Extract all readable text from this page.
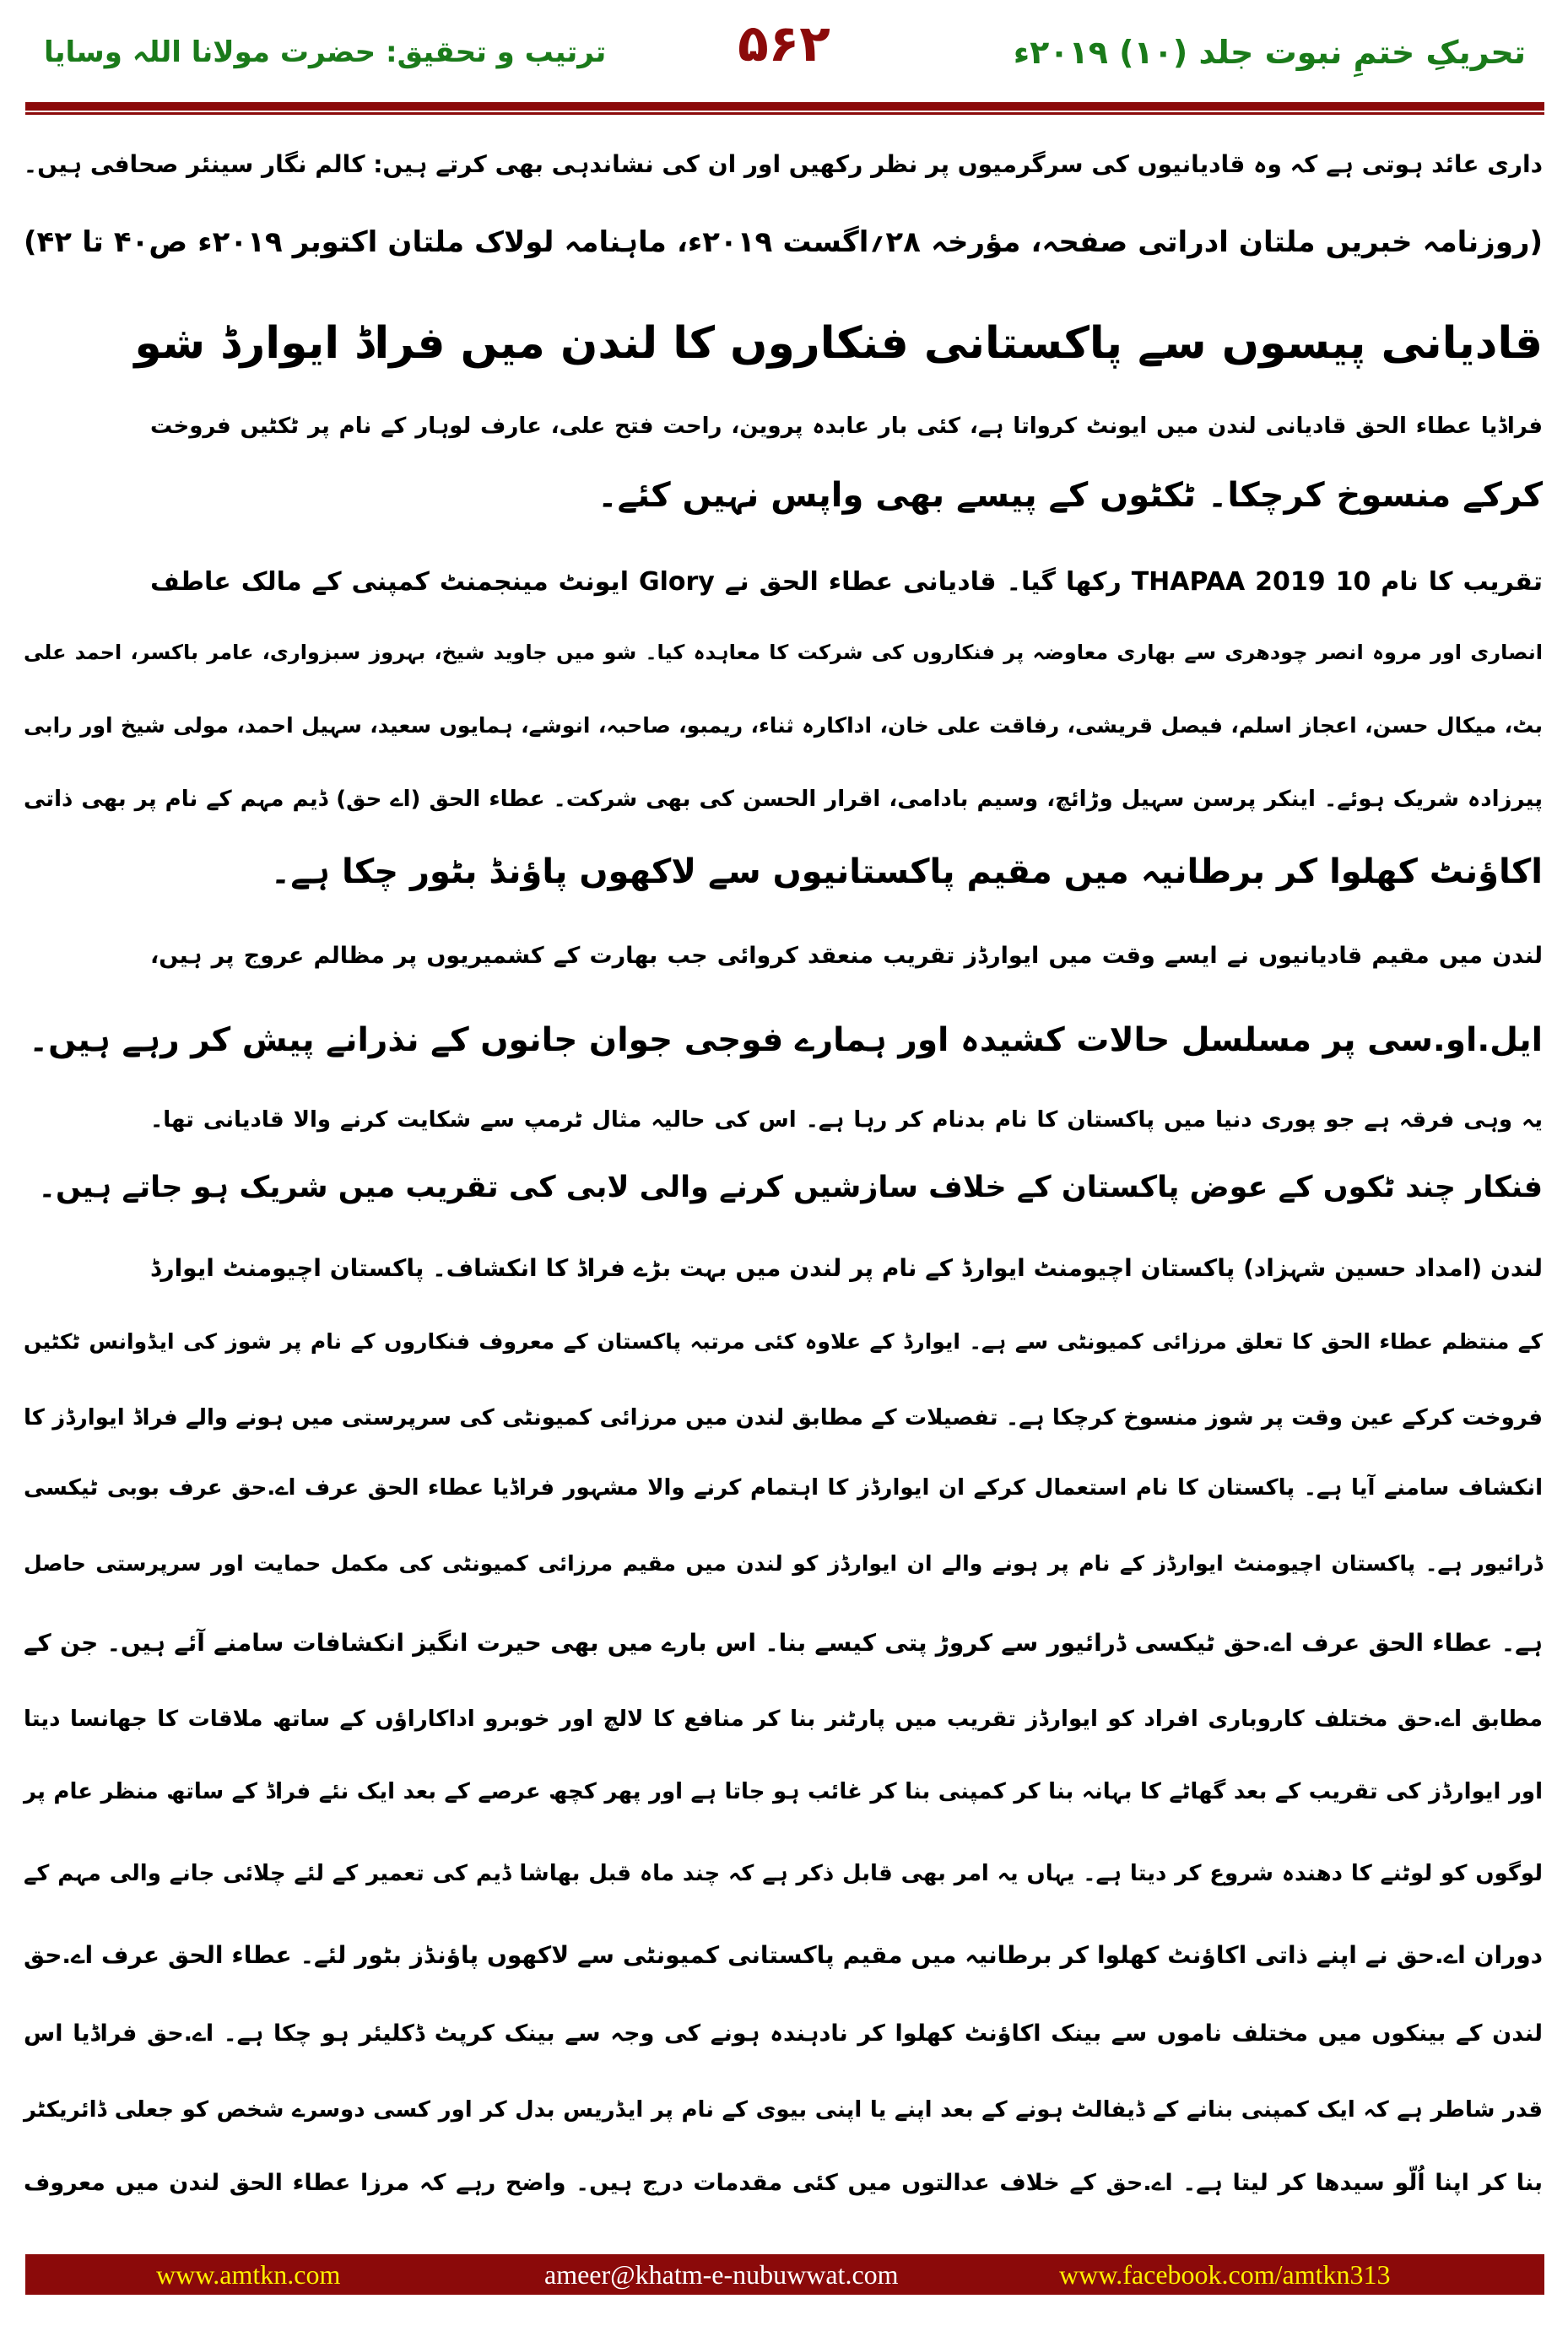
تحریکِ ختمِ نبوت جلد (۱۰) ۲۰۱۹ء
۵۶۲
ترتیب و تحقیق: حضرت مولانا اللہ وسایا
داری عائد ہوتی ہے کہ وہ قادیانیوں کی سرگرمیوں پر نظر رکھیں اور ان کی نشاندہی بھی کرتے ہیں: کالم نگار سینئر صحافی ہیں۔
(روزنامہ خبریں ملتان ادراتی صفحہ، مؤرخہ ۲۸؍اگست ۲۰۱۹ء، ماہنامہ لولاک ملتان اکتوبر ۲۰۱۹ء ص۴۰ تا ۴۲)
قادیانی پیسوں سے پاکستانی فنکاروں کا لندن میں فراڈ ایوارڈ شو
فراڈیا عطاء الحق قادیانی لندن میں ایونٹ کرواتا ہے، کئی بار عابدہ پروین، راحت فتح علی، عارف لوہار کے نام پر ٹکٹیں فروخت
کرکے منسوخ کرچکا۔ ٹکٹوں کے پیسے بھی واپس نہیں کئے۔
تقریب کا نام 10 THAPAA 2019 رکھا گیا۔ قادیانی عطاء الحق نے Glory ایونٹ مینجمنٹ کمپنی کے مالک عاطف
انصاری اور مروہ انصر چودھری سے بھاری معاوضہ پر فنکاروں کی شرکت کا معاہدہ کیا۔ شو میں جاوید شیخ، بہروز سبزواری، عامر باکسر، احمد علی
بٹ، میکال حسن، اعجاز اسلم، فیصل قریشی، رفاقت علی خان، اداکارہ ثناء، ریمبو، صاحبہ، انوشے، ہمایوں سعید، سہیل احمد، مولی شیخ اور رابی
پیرزادہ شریک ہوئے۔ اینکر پرسن سہیل وڑائچ، وسیم بادامی، اقرار الحسن کی بھی شرکت۔ عطاء الحق (اے حق) ڈیم مہم کے نام پر بھی ذاتی
اکاؤنٹ کھلوا کر برطانیہ میں مقیم پاکستانیوں سے لاکھوں پاؤنڈ بٹور چکا ہے۔
لندن میں مقیم قادیانیوں نے ایسے وقت میں ایوارڈز تقریب منعقد کروائی جب بھارت کے کشمیریوں پر مظالم عروج پر ہیں،
ایل.او.سی پر مسلسل حالات کشیدہ اور ہمارے فوجی جوان جانوں کے نذرانے پیش کر رہے ہیں۔
یہ وہی فرقہ ہے جو پوری دنیا میں پاکستان کا نام بدنام کر رہا ہے۔ اس کی حالیہ مثال ٹرمپ سے شکایت کرنے والا قادیانی تھا۔
فنکار چند ٹکوں کے عوض پاکستان کے خلاف سازشیں کرنے والی لابی کی تقریب میں شریک ہو جاتے ہیں۔
لندن (امداد حسین شہزاد) پاکستان اچیومنٹ ایوارڈ کے نام پر لندن میں بہت بڑے فراڈ کا انکشاف۔ پاکستان اچیومنٹ ایوارڈ
کے منتظم عطاء الحق کا تعلق مرزائی کمیونٹی سے ہے۔ ایوارڈ کے علاوہ کئی مرتبہ پاکستان کے معروف فنکاروں کے نام پر شوز کی ایڈوانس ٹکٹیں
فروخت کرکے عین وقت پر شوز منسوخ کرچکا ہے۔ تفصیلات کے مطابق لندن میں مرزائی کمیونٹی کی سرپرستی میں ہونے والے فراڈ ایوارڈز کا
انکشاف سامنے آیا ہے۔ پاکستان کا نام استعمال کرکے ان ایوارڈز کا اہتمام کرنے والا مشہور فراڈیا عطاء الحق عرف اے.حق عرف بوبی ٹیکسی
ڈرائیور ہے۔ پاکستان اچیومنٹ ایوارڈز کے نام پر ہونے والے ان ایوارڈز کو لندن میں مقیم مرزائی کمیونٹی کی مکمل حمایت اور سرپرستی حاصل
ہے۔ عطاء الحق عرف اے.حق ٹیکسی ڈرائیور سے کروڑ پتی کیسے بنا۔ اس بارے میں بھی حیرت انگیز انکشافات سامنے آئے ہیں۔ جن کے
مطابق اے.حق مختلف کاروباری افراد کو ایوارڈز تقریب میں پارٹنر بنا کر منافع کا لالچ اور خوبرو اداکاراؤں کے ساتھ ملاقات کا جھانسا دیتا
اور ایوارڈز کی تقریب کے بعد گھاٹے کا بہانہ بنا کر کمپنی بنا کر غائب ہو جاتا ہے اور پھر کچھ عرصے کے بعد ایک نئے فراڈ کے ساتھ منظر عام پر
لوگوں کو لوٹنے کا دھندہ شروع کر دیتا ہے۔ یہاں یہ امر بھی قابل ذکر ہے کہ چند ماہ قبل بھاشا ڈیم کی تعمیر کے لئے چلائی جانے والی مہم کے
دوران اے.حق نے اپنے ذاتی اکاؤنٹ کھلوا کر برطانیہ میں مقیم پاکستانی کمیونٹی سے لاکھوں پاؤنڈز بٹور لئے۔ عطاء الحق عرف اے.حق
لندن کے بینکوں میں مختلف ناموں سے بینک اکاؤنٹ کھلوا کر نادہندہ ہونے کی وجہ سے بینک کرپٹ ڈکلیئر ہو چکا ہے۔ اے.حق فراڈیا اس
قدر شاطر ہے کہ ایک کمپنی بنانے کے ڈیفالٹ ہونے کے بعد اپنے یا اپنی بیوی کے نام پر ایڈریس بدل کر اور کسی دوسرے شخص کو جعلی ڈائریکٹر
بنا کر اپنا اُلّو سیدھا کر لیتا ہے۔ اے.حق کے خلاف عدالتوں میں کئی مقدمات درج ہیں۔ واضح رہے کہ مرزا عطاء الحق لندن میں معروف
www.amtkn.com	ameer@khatm-e-nubuwwat.com	www.facebook.com/amtkn313
